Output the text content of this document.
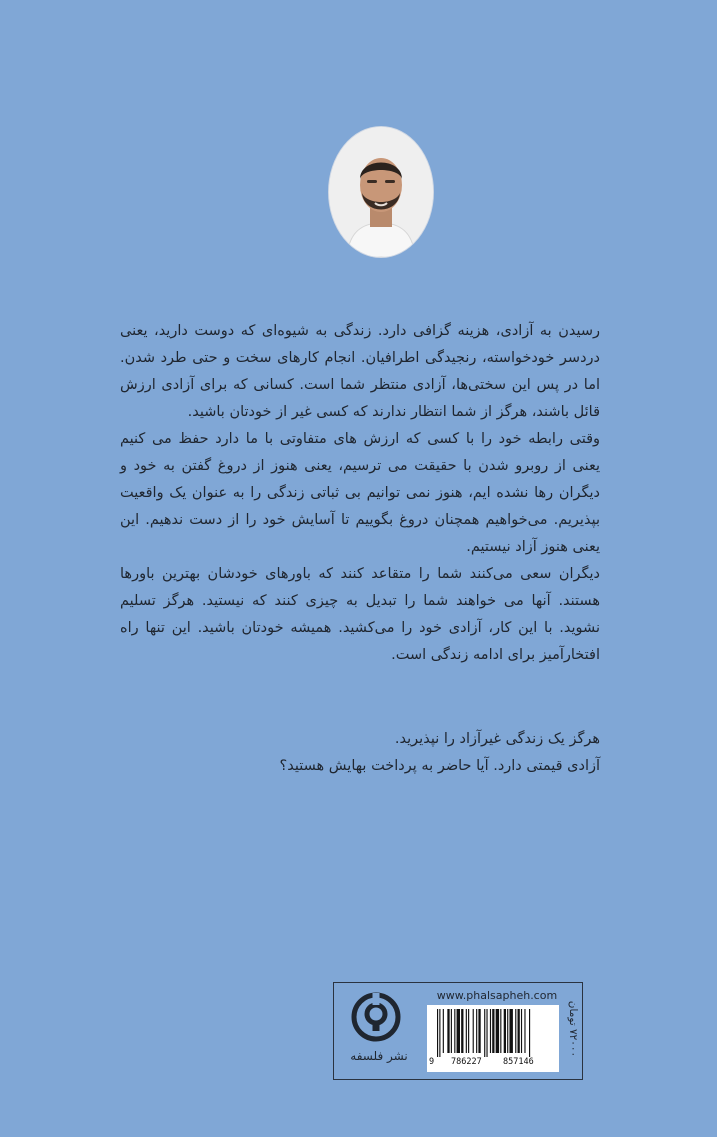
رسیدن به آزادی، هزینه گزافی دارد. زندگی به شیوه‌ای که دوست دارید، یعنی دردسر خودخواسته، رنجیدگی اطرافیان. انجام کارهای سخت و حتی طرد شدن. اما در پس این سختی‌ها، آزادی منتظر شما است. کسانی که برای آزادی ارزش قائل باشند، هرگز از شما انتظار ندارند که کسی غیر از خودتان باشید.

وقتی رابطه خود را با کسی که ارزش های متفاوتی با ما دارد حفظ می کنیم یعنی از روبرو شدن با حقیقت می ترسیم، یعنی هنوز از دروغ گفتن به خود و دیگران رها نشده ایم، هنوز نمی توانیم بی ثباتی زندگی را به عنوان یک واقعیت بپذیریم. می‌خواهیم همچنان دروغ بگوییم تا آسایش خود را از دست ندهیم. این یعنی هنوز آزاد نیستیم.

دیگران سعی می‌کنند شما را متقاعد کنند که باورهای خودشان بهترین باورها هستند. آنها می خواهند شما را تبدیل به چیزی کنند که نیستید. هرگز تسلیم نشوید. با این کار، آزادی خود را می‌کشید. همیشه خودتان باشید. این تنها راه افتخارآمیز برای ادامه زندگی است.

هرگز یک زندگی غیرآزاد را نپذیرید.

آزادی قیمتی دارد. آیا حاضر به پرداخت بهایش هستید؟

نشر فلسفه
www.phalsapheh.com
9 786227	857146
۷۲۰۰۰ تومان
